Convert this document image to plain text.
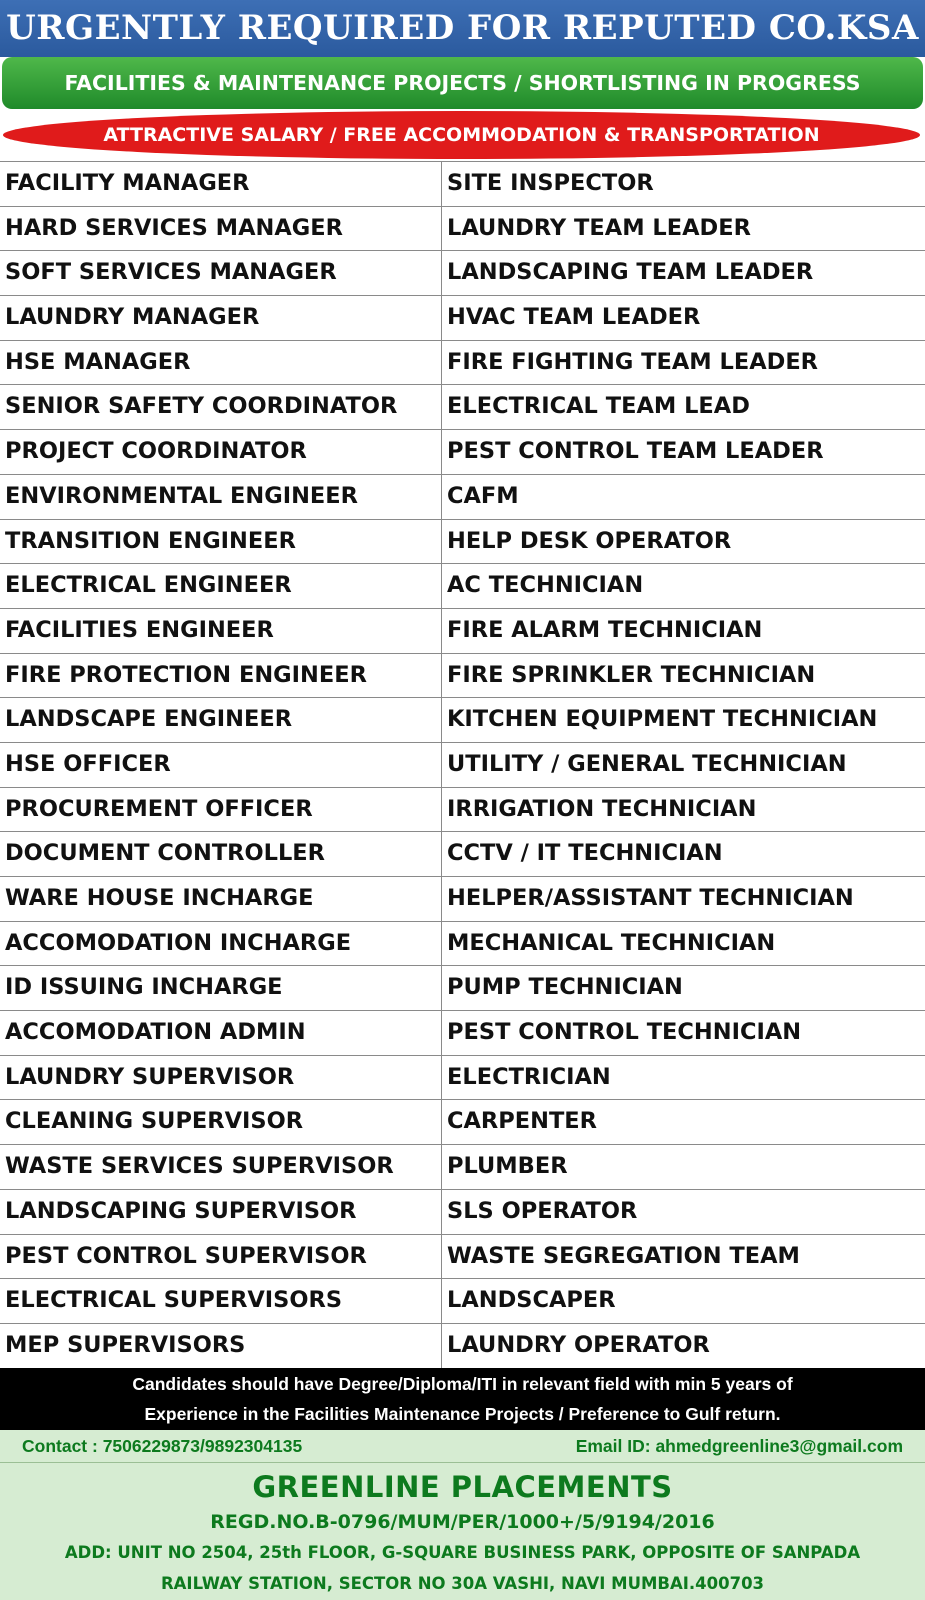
URGENTLY REQUIRED FOR REPUTED CO.KSA
FACILITIES & MAINTENANCE PROJECTS / SHORTLISTING IN PROGRESS
ATTRACTIVE SALARY / FREE ACCOMMODATION & TRANSPORTATION
FACILITY MANAGER	SITE INSPECTOR
HARD SERVICES MANAGER	LAUNDRY TEAM LEADER
SOFT SERVICES MANAGER	LANDSCAPING TEAM LEADER
LAUNDRY MANAGER	HVAC TEAM LEADER
HSE MANAGER	FIRE FIGHTING TEAM LEADER
SENIOR SAFETY COORDINATOR	ELECTRICAL TEAM LEAD
PROJECT COORDINATOR	PEST CONTROL TEAM LEADER
ENVIRONMENTAL ENGINEER	CAFM
TRANSITION ENGINEER	HELP DESK OPERATOR
ELECTRICAL ENGINEER	AC TECHNICIAN
FACILITIES ENGINEER	FIRE ALARM TECHNICIAN
FIRE PROTECTION ENGINEER	FIRE SPRINKLER TECHNICIAN
LANDSCAPE ENGINEER	KITCHEN EQUIPMENT TECHNICIAN
HSE OFFICER	UTILITY / GENERAL TECHNICIAN
PROCUREMENT OFFICER	IRRIGATION TECHNICIAN
DOCUMENT CONTROLLER	CCTV / IT TECHNICIAN
WARE HOUSE INCHARGE	HELPER/ASSISTANT TECHNICIAN
ACCOMODATION INCHARGE	MECHANICAL TECHNICIAN
ID ISSUING INCHARGE	PUMP TECHNICIAN
ACCOMODATION ADMIN	PEST CONTROL TECHNICIAN
LAUNDRY SUPERVISOR	ELECTRICIAN
CLEANING SUPERVISOR	CARPENTER
WASTE SERVICES SUPERVISOR	PLUMBER
LANDSCAPING SUPERVISOR	SLS OPERATOR
PEST CONTROL SUPERVISOR	WASTE SEGREGATION TEAM
ELECTRICAL SUPERVISORS	LANDSCAPER
MEP SUPERVISORS	LAUNDRY OPERATOR
Candidates should have Degree/Diploma/ITI in relevant field with min 5 years of
Experience in the Facilities Maintenance Projects / Preference to Gulf return.
Contact : 7506229873/9892304135	Email ID: ahmedgreenline3@gmail.com
GREENLINE PLACEMENTS
REGD.NO.B-0796/MUM/PER/1000+/5/9194/2016
ADD: UNIT NO 2504, 25th FLOOR, G-SQUARE BUSINESS PARK, OPPOSITE OF SANPADA
RAILWAY STATION, SECTOR NO 30A VASHI, NAVI MUMBAI.400703
